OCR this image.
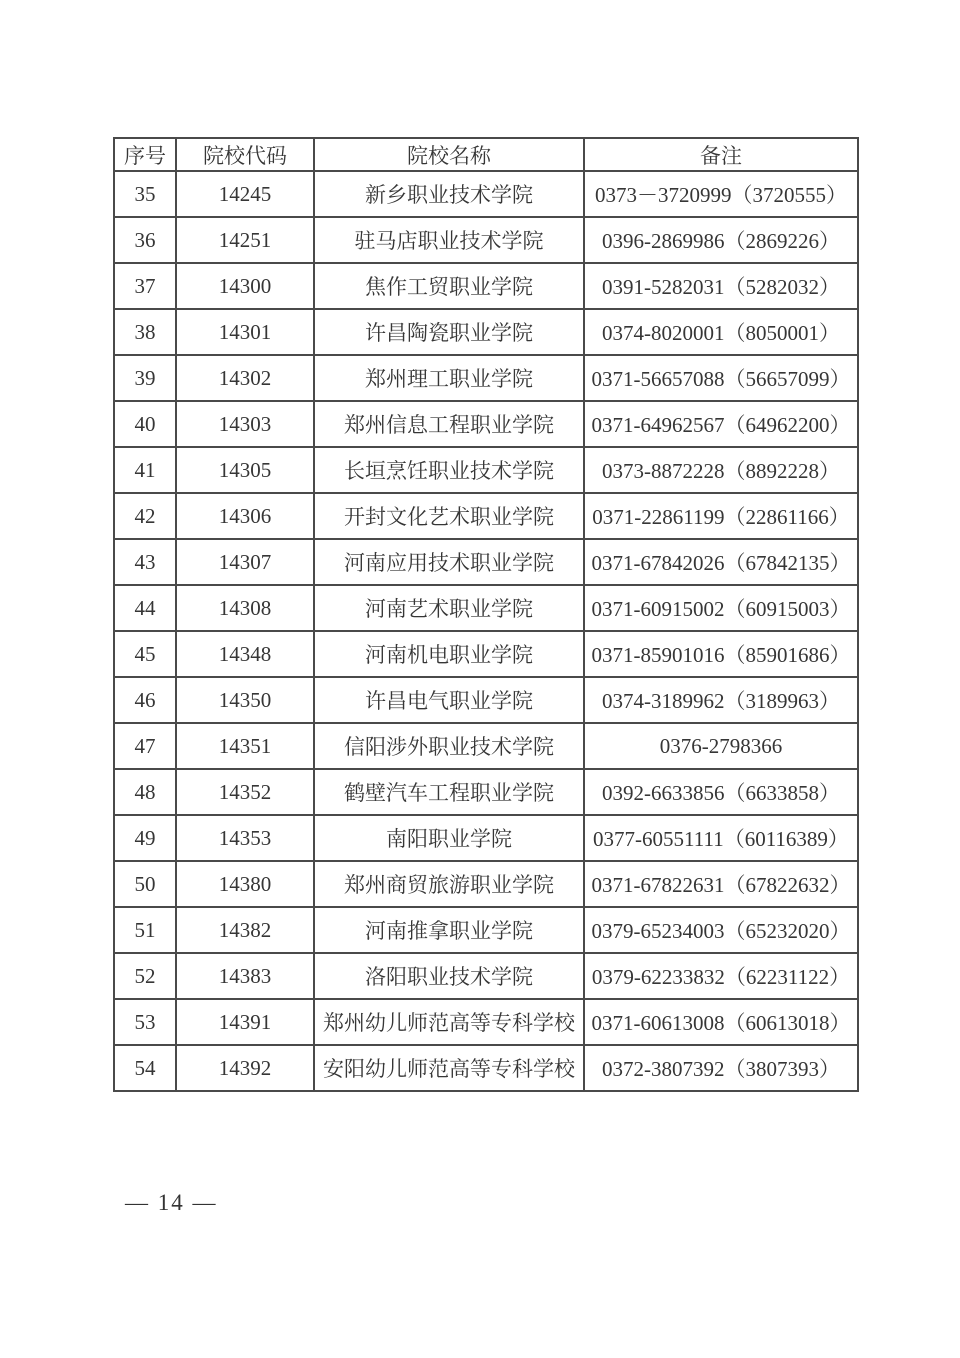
序号	院校代码	院校名称	备注
35	14245	新乡职业技术学院	0373－3720999（3720555）
36	14251	驻马店职业技术学院	0396-2869986（2869226）
37	14300	焦作工贸职业学院	0391-5282031（5282032）
38	14301	许昌陶瓷职业学院	0374-8020001（8050001）
39	14302	郑州理工职业学院	0371-56657088（56657099）
40	14303	郑州信息工程职业学院	0371-64962567（64962200）
41	14305	长垣烹饪职业技术学院	0373-8872228（8892228）
42	14306	开封文化艺术职业学院	0371-22861199（22861166）
43	14307	河南应用技术职业学院	0371-67842026（67842135）
44	14308	河南艺术职业学院	0371-60915002（60915003）
45	14348	河南机电职业学院	0371-85901016（85901686）
46	14350	许昌电气职业学院	0374-3189962（3189963）
47	14351	信阳涉外职业技术学院	0376-2798366
48	14352	鹤壁汽车工程职业学院	0392-6633856（6633858）
49	14353	南阳职业学院	0377-60551111（60116389）
50	14380	郑州商贸旅游职业学院	0371-67822631（67822632）
51	14382	河南推拿职业学院	0379-65234003（65232020）
52	14383	洛阳职业技术学院	0379-62233832（62231122）
53	14391	郑州幼儿师范高等专科学校	0371-60613008（60613018）
54	14392	安阳幼儿师范高等专科学校	0372-3807392（3807393）
— 14 —
